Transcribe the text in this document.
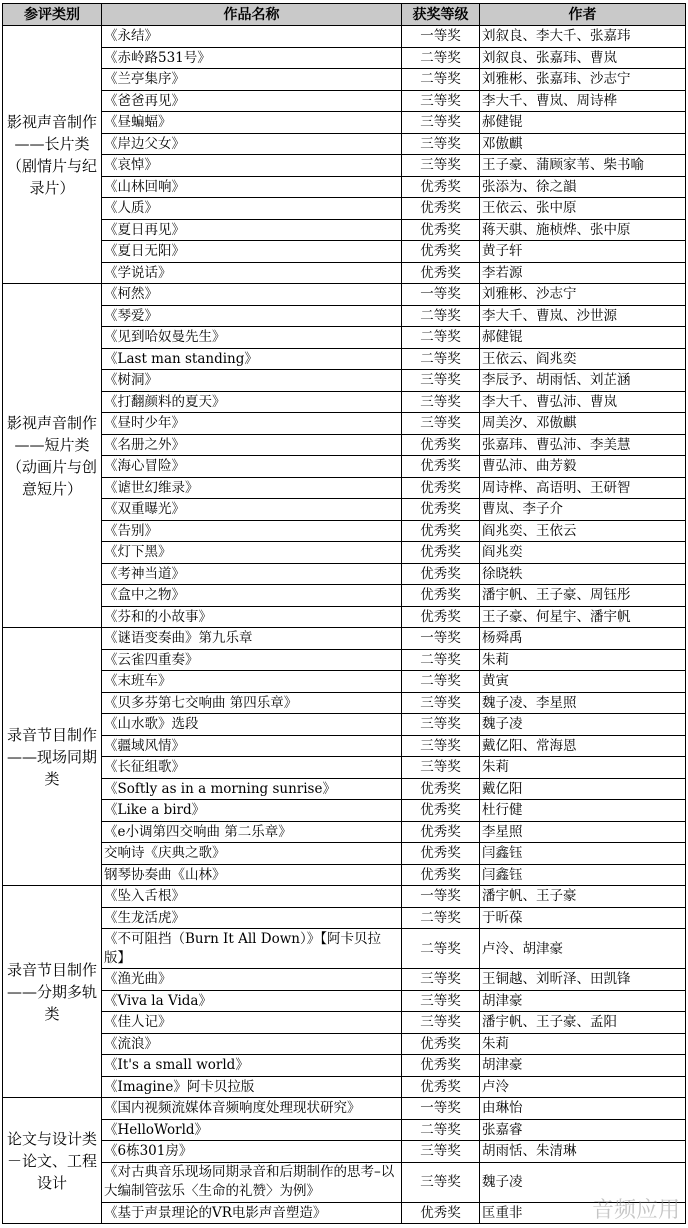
参评类别	作品名称	获奖等级	作者
影视声音制作——长片类（剧情片与纪录片）	《永结》	一等奖	刘叙良、李大千、张嘉玮
	《赤岭路531号》	二等奖	刘叙良、张嘉玮、曹岚
	《兰亭集序》	二等奖	刘雅彬、张嘉玮、沙志宁
	《爸爸再见》	三等奖	李大千、曹岚、周诗桦
	《昼蝙蝠》	三等奖	郝健锟
	《岸边父女》	三等奖	邓傲麒
	《哀悼》	三等奖	王子豪、蒲顾家苇、柴书喻
	《山林回响》	优秀奖	张添为、徐之韻
	《人质》	优秀奖	王依云、张中原
	《夏日再见》	优秀奖	蒋天骐、施桢烨、张中原
	《夏日无阳》	优秀奖	黄子轩
	《学说话》	优秀奖	李若源
影视声音制作——短片类（动画片与创意短片）	《柯然》	一等奖	刘雅彬、沙志宁
	《琴爱》	二等奖	李大千、曹岚、沙世源
	《见到哈奴曼先生》	二等奖	郝健锟
	《Last man standing》	二等奖	王依云、阎兆奕
	《树洞》	三等奖	李辰予、胡雨恬、刘芷涵
	《打翻颜料的夏天》	三等奖	李大千、曹弘沛、曹岚
	《昼时少年》	三等奖	周美汐、邓傲麒
	《名册之外》	优秀奖	张嘉玮、曹弘沛、李美慧
	《海心冒险》	优秀奖	曹弘沛、曲芳毅
	《谑世幻维录》	优秀奖	周诗桦、高语明、王研智
	《双重曝光》	优秀奖	曹岚、李子介
	《告别》	优秀奖	阎兆奕、王依云
	《灯下黑》	优秀奖	阎兆奕
	《考神当道》	优秀奖	徐晓轶
	《盒中之物》	优秀奖	潘宇帆、王子豪、周钰彤
	《芬和的小故事》	优秀奖	王子豪、何星宇、潘宇帆
录音节目制作——现场同期类	《谜语变奏曲》第九乐章	一等奖	杨舜禹
	《云雀四重奏》	二等奖	朱莉
	《末班车》	二等奖	黄寅
	《贝多芬第七交响曲 第四乐章》	三等奖	魏子凌、李星照
	《山水歌》选段	三等奖	魏子凌
	《疆域风情》	三等奖	戴亿阳、常海恩
	《长征组歌》	三等奖	朱莉
	《Softly as in a morning sunrise》	优秀奖	戴亿阳
	《Like a bird》	优秀奖	杜行健
	《e小调第四交响曲 第二乐章》	优秀奖	李星照
	交响诗《庆典之歌》	优秀奖	闫鑫钰
	钢琴协奏曲《山林》	优秀奖	闫鑫钰
录音节目制作——分期多轨类	《坠入舌根》	一等奖	潘宇帆、王子豪
	《生龙活虎》	二等奖	于昕葆
	《不可阻挡（Burn It All Down）》【阿卡贝拉版】	二等奖	卢泠、胡津豪
	《渔光曲》	三等奖	王铜越、刘昕泽、田凯锋
	《Viva la Vida》	三等奖	胡津豪
	《佳人记》	三等奖	潘宇帆、王子豪、孟阳
	《流浪》	优秀奖	朱莉
	《It's a small world》	优秀奖	胡津豪
	《Imagine》阿卡贝拉版	优秀奖	卢泠
论文与设计类－论文、工程设计	《国内视频流媒体音频响度处理现状研究》	一等奖	由琳怡
	《HelloWorld》	二等奖	张嘉睿
	《6栋301房》	三等奖	胡雨恬、朱清琳
	《对古典音乐现场同期录音和后期制作的思考–以大编制管弦乐〈生命的礼赞〉为例》	三等奖	魏子凌
	《基于声景理论的VR电影声音塑造》	优秀奖	匡重非	音频应用
